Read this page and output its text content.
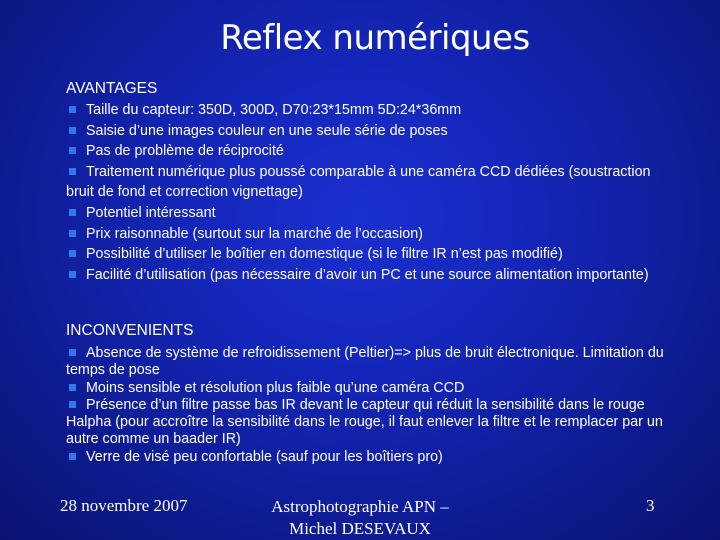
Reflex numériques
AVANTAGES
Taille du capteur: 350D, 300D, D70:23*15mm 5D:24*36mm
Saisie d’une images couleur en une seule série de poses
Pas de problème de réciprocité
Traitement numérique plus poussé comparable à une caméra CCD dédiées (soustraction bruit de fond et correction vignettage)
Potentiel intéressant
Prix raisonnable (surtout sur la marché de l’occasion)
Possibilité d’utiliser le boîtier en domestique (si le filtre IR n’est pas modifié)
Facilité d’utilisation (pas nécessaire d’avoir un PC et une source alimentation importante)
INCONVENIENTS
Absence de système de refroidissement (Peltier)=> plus de bruit électronique. Limitation du temps de pose
Moins sensible et résolution plus faible qu’une caméra CCD
Présence d’un filtre passe bas IR devant le capteur qui réduit la sensibilité dans le rouge Halpha (pour accroître la sensibilité dans le rouge, il faut enlever la filtre et le remplacer par un autre comme un baader IR)
Verre de visé peu confortable (sauf pour les boîtiers pro)
28 novembre 2007	Astrophotographie APN –
Michel DESEVAUX
3
